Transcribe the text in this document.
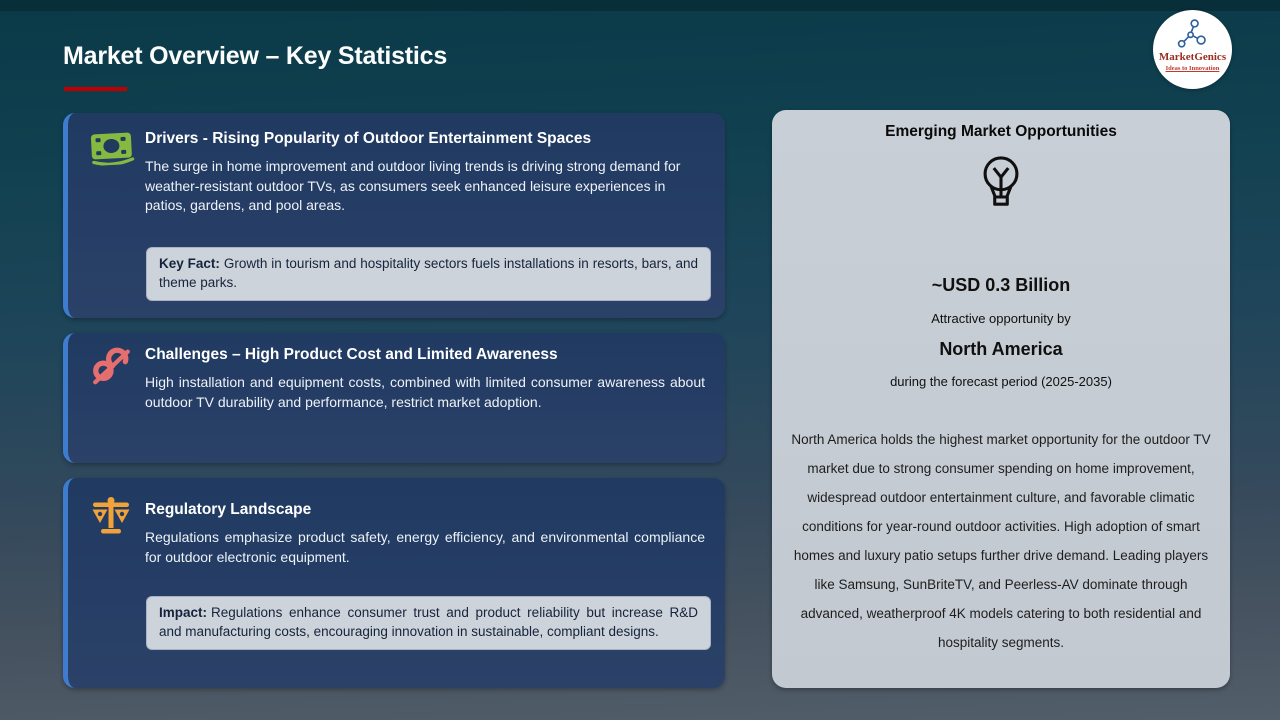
Market Overview – Key Statistics	MarketGenics
Ideas to Innovation
Drivers - Rising Popularity of Outdoor Entertainment Spaces
The surge in home improvement and outdoor living trends is driving strong demand for weather-resistant outdoor TVs, as consumers seek enhanced leisure experiences in patios, gardens, and pool areas.
Key Fact: Growth in tourism and hospitality sectors fuels installations in resorts, bars, and theme parks.
Challenges – High Product Cost and Limited Awareness
High installation and equipment costs, combined with limited consumer awareness about outdoor TV durability and performance, restrict market adoption.
Regulatory Landscape
Regulations emphasize product safety, energy efficiency, and environmental compliance for outdoor electronic equipment.
Impact: Regulations enhance consumer trust and product reliability but increase R&D and manufacturing costs, encouraging innovation in sustainable, compliant designs.
Emerging Market Opportunities
~USD 0.3 Billion
Attractive opportunity by
North America
during the forecast period (2025-2035)
North America holds the highest market opportunity for the outdoor TV market due to strong consumer spending on home improvement, widespread outdoor entertainment culture, and favorable climatic conditions for year-round outdoor activities. High adoption of smart homes and luxury patio setups further drive demand. Leading players like Samsung, SunBriteTV, and Peerless-AV dominate through advanced, weatherproof 4K models catering to both residential and hospitality segments.
